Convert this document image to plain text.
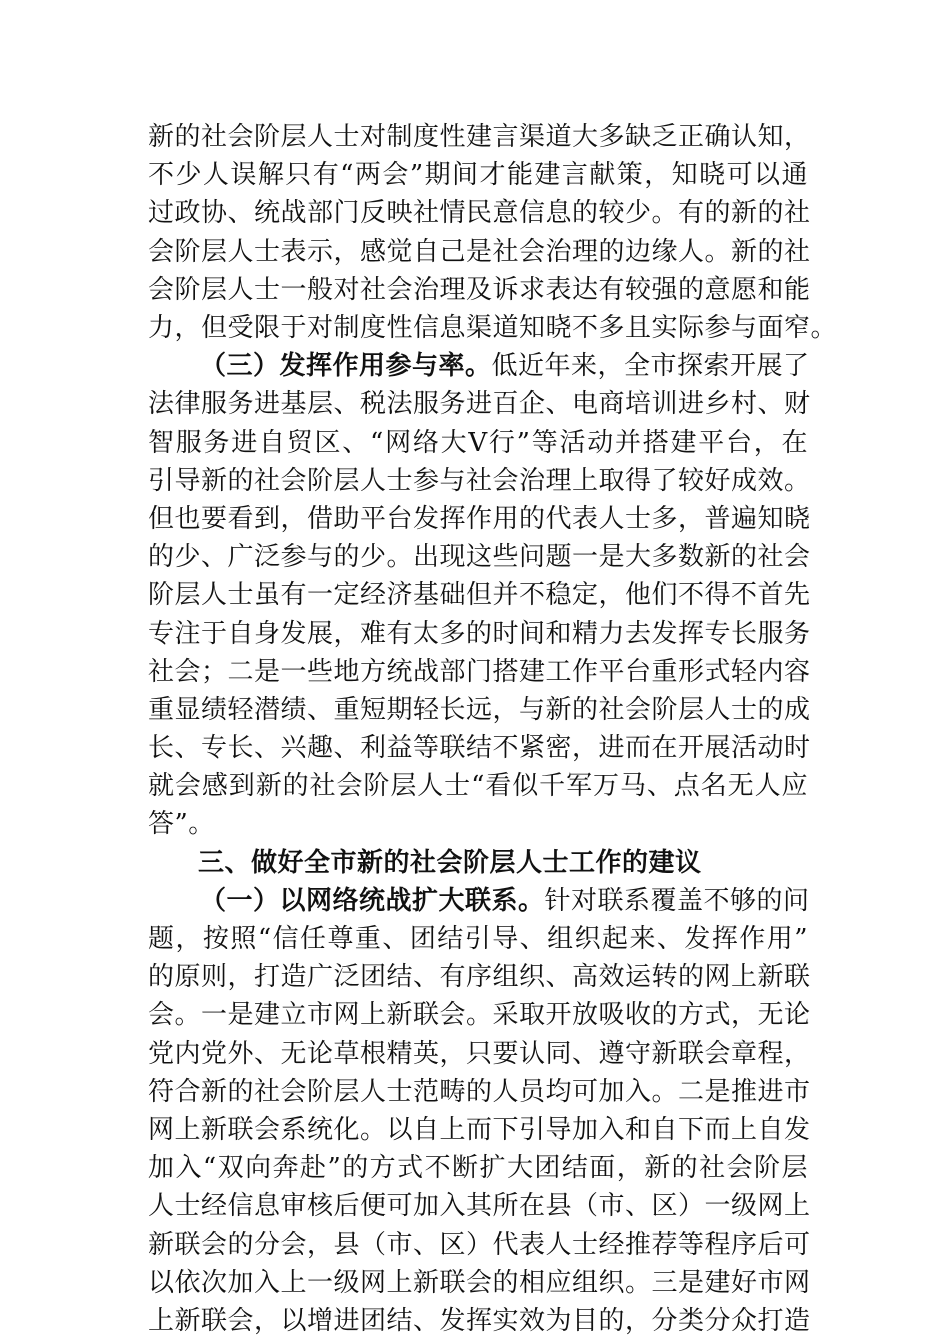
新的社会阶层人士对制度性建言渠道大多缺乏正确认知，
不少人误解只有“两会”期间才能建言献策，知晓可以通
过政协、统战部门反映社情民意信息的较少。有的新的社
会阶层人士表示，感觉自己是社会治理的边缘人。新的社
会阶层人士一般对社会治理及诉求表达有较强的意愿和能
力，但受限于对制度性信息渠道知晓不多且实际参与面窄。
（三）发挥作用参与率。低近年来，全市探索开展了
法律服务进基层、税法服务进百企、电商培训进乡村、财
智服务进自贸区、“网络大V行”等活动并搭建平台，在
引导新的社会阶层人士参与社会治理上取得了较好成效。
但也要看到，借助平台发挥作用的代表人士多，普遍知晓
的少、广泛参与的少。出现这些问题一是大多数新的社会
阶层人士虽有一定经济基础但并不稳定，他们不得不首先
专注于自身发展，难有太多的时间和精力去发挥专长服务
社会；二是一些地方统战部门搭建工作平台重形式轻内容
重显绩轻潜绩、重短期轻长远，与新的社会阶层人士的成
长、专长、兴趣、利益等联结不紧密，进而在开展活动时
就会感到新的社会阶层人士“看似千军万马、点名无人应
答”。
三、做好全市新的社会阶层人士工作的建议
（一）以网络统战扩大联系。针对联系覆盖不够的问
题，按照“信任尊重、团结引导、组织起来、发挥作用”
的原则，打造广泛团结、有序组织、高效运转的网上新联
会。一是建立市网上新联会。采取开放吸收的方式，无论
党内党外、无论草根精英，只要认同、遵守新联会章程，
符合新的社会阶层人士范畴的人员均可加入。二是推进市
网上新联会系统化。以自上而下引导加入和自下而上自发
加入“双向奔赴”的方式不断扩大团结面，新的社会阶层
人士经信息审核后便可加入其所在县（市、区）一级网上
新联会的分会，县（市、区）代表人士经推荐等程序后可
以依次加入上一级网上新联会的相应组织。三是建好市网
上新联会，以增进团结、发挥实效为目的，分类分众打造
